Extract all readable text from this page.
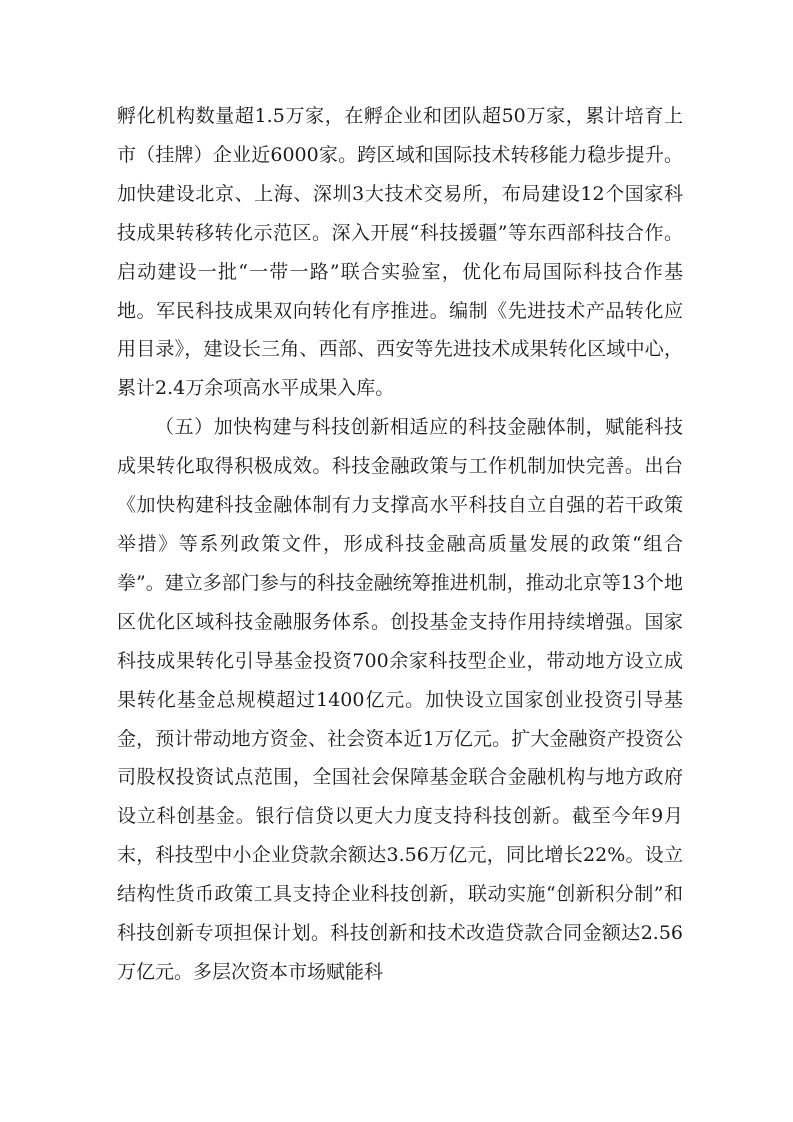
孵化机构数量超1.5万家，在孵企业和团队超50万家，累计培育上市（挂牌）企业近6000家。跨区域和国际技术转移能力稳步提升。加快建设北京、上海、深圳3大技术交易所，布局建设12个国家科技成果转移转化示范区。深入开展“科技援疆”等东西部科技合作。启动建设一批“一带一路”联合实验室，优化布局国际科技合作基地。军民科技成果双向转化有序推进。编制《先进技术产品转化应用目录》，建设长三角、西部、西安等先进技术成果转化区域中心，累计2.4万余项高水平成果入库。

（五）加快构建与科技创新相适应的科技金融体制，赋能科技成果转化取得积极成效。科技金融政策与工作机制加快完善。出台《加快构建科技金融体制有力支撑高水平科技自立自强的若干政策举措》等系列政策文件，形成科技金融高质量发展的政策“组合拳”。建立多部门参与的科技金融统筹推进机制，推动北京等13个地区优化区域科技金融服务体系。创投基金支持作用持续增强。国家科技成果转化引导基金投资700余家科技型企业，带动地方设立成果转化基金总规模超过1400亿元。加快设立国家创业投资引导基金，预计带动地方资金、社会资本近1万亿元。扩大金融资产投资公司股权投资试点范围，全国社会保障基金联合金融机构与地方政府设立科创基金。银行信贷以更大力度支持科技创新。截至今年9月末，科技型中小企业贷款余额达3.56万亿元，同比增长22%。设立结构性货币政策工具支持企业科技创新，联动实施“创新积分制”和科技创新专项担保计划。科技创新和技术改造贷款合同金额达2.56万亿元。多层次资本市场赋能科
